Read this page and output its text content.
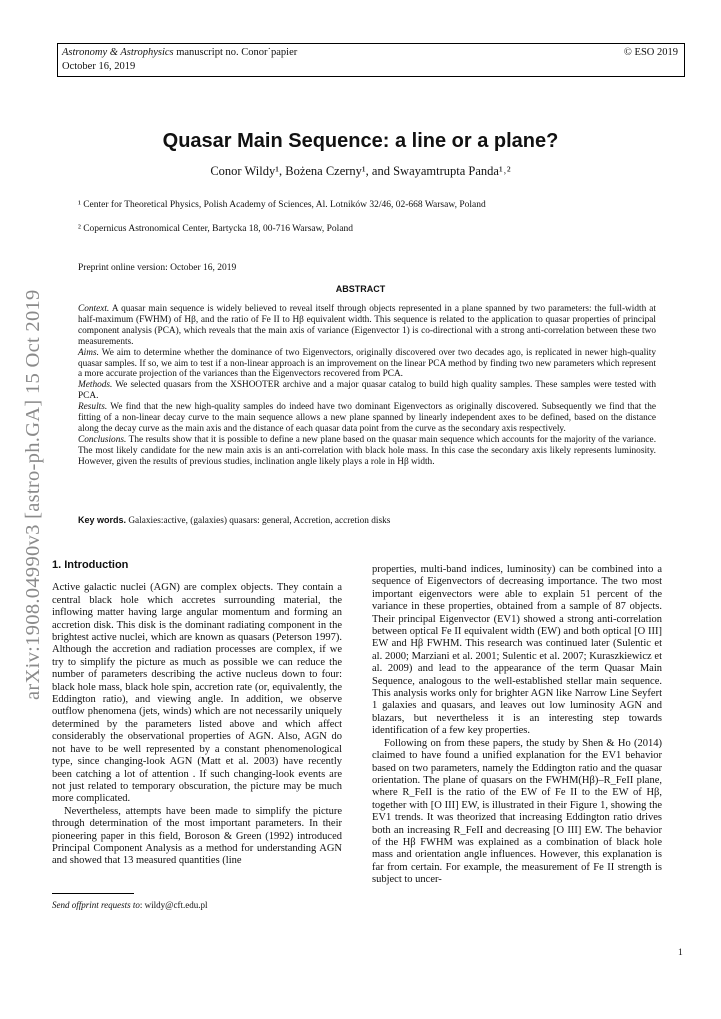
Astronomy & Astrophysics manuscript no. Conor˙papier
October 16, 2019
© ESO 2019
arXiv:1908.04990v3 [astro-ph.GA] 15 Oct 2019
Quasar Main Sequence: a line or a plane?
Conor Wildy¹, Bożena Czerny¹, and Swayamtrupta Panda¹˒²
¹ Center for Theoretical Physics, Polish Academy of Sciences, Al. Lotników 32/46, 02-668 Warsaw, Poland
² Copernicus Astronomical Center, Bartycka 18, 00-716 Warsaw, Poland
Preprint online version: October 16, 2019
ABSTRACT

Context. A quasar main sequence is widely believed to reveal itself through objects represented in a plane spanned by two parameters: the full-width at half-maximum (FWHM) of Hβ, and the ratio of Fe II to Hβ equivalent width. This sequence is related to the application to quasar properties of principal component analysis (PCA), which reveals that the main axis of variance (Eigenvector 1) is co-directional with a strong anti-correlation between these two measurements.

Aims. We aim to determine whether the dominance of two Eigenvectors, originally discovered over two decades ago, is replicated in newer high-quality quasar samples. If so, we aim to test if a non-linear approach is an improvement on the linear PCA method by finding two new parameters which represent a more accurate projection of the variances than the Eigenvectors recovered from PCA.

Methods. We selected quasars from the XSHOOTER archive and a major quasar catalog to build high quality samples. These samples were tested with PCA.

Results. We find that the new high-quality samples do indeed have two dominant Eigenvectors as originally discovered. Subsequently we find that the fitting of a non-linear decay curve to the main sequence allows a new plane spanned by linearly independent axes to be defined, based on the distance along the decay curve as the main axis and the distance of each quasar data point from the curve as the secondary axis respectively.

Conclusions. The results show that it is possible to define a new plane based on the quasar main sequence which accounts for the majority of the variance. The most likely candidate for the new main axis is an anti-correlation with black hole mass. In this case the secondary axis likely represents luminosity. However, given the results of previous studies, inclination angle likely plays a role in Hβ width.

Key words. Galaxies:active, (galaxies) quasars: general, Accretion, accretion disks
1. Introduction

Active galactic nuclei (AGN) are complex objects. They contain a central black hole which accretes surrounding material, the inflowing matter having large angular momentum and forming an accretion disk. This disk is the dominant radiating component in the brightest active nuclei, which are known as quasars (Peterson 1997). Although the accretion and radiation processes are complex, if we try to simplify the picture as much as possible we can reduce the number of parameters describing the active nucleus down to four: black hole mass, black hole spin, accretion rate (or, equivalently, the Eddington ratio), and viewing angle. In addition, we observe outflow phenomena (jets, winds) which are not necessarily uniquely determined by the parameters listed above and which affect considerably the observational properties of AGN. Also, AGN do not have to be well represented by a constant phenomenological type, since changing-look AGN (Matt et al. 2003) have recently been catching a lot of attention . If such changing-look events are not just related to temporary obscuration, the picture may be much more complicated.

Nevertheless, attempts have been made to simplify the picture through determination of the most important parameters. In their pioneering paper in this field, Boroson & Green (1992) introduced Principal Component Analysis as a method for understanding AGN and showed that 13 measured quantities (line

properties, multi-band indices, luminosity) can be combined into a sequence of Eigenvectors of decreasing importance. The two most important eigenvectors were able to explain 51 percent of the variance in these properties, obtained from a sample of 87 objects. Their principal Eigenvector (EV1) showed a strong anti-correlation between optical Fe II equivalent width (EW) and both optical [O III] EW and Hβ FWHM. This research was continued later (Sulentic et al. 2000; Marziani et al. 2001; Sulentic et al. 2007; Kuraszkiewicz et al. 2009) and lead to the appearance of the term Quasar Main Sequence, analogous to the well-established stellar main sequence. This analysis works only for brighter AGN like Narrow Line Seyfert 1 galaxies and quasars, and leaves out low luminosity AGN and blazars, but nevertheless it is an interesting step towards identification of a few key properties.

Following on from these papers, the study by Shen & Ho (2014) claimed to have found a unified explanation for the EV1 behavior based on two parameters, namely the Eddington ratio and the quasar orientation. The plane of quasars on the FWHM(Hβ)–R_FeII plane, where R_FeII is the ratio of the EW of Fe II to the EW of Hβ, together with [O III] EW, is illustrated in their Figure 1, showing the EV1 trends. It was theorized that increasing Eddington ratio drives both an increasing R_FeII and decreasing [O III] EW. The behavior of the Hβ FWHM was explained as a combination of black hole mass and orientation angle influences. However, this explanation is far from certain. For example, the measurement of Fe II strength is subject to uncer-

Send offprint requests to: wildy@cft.edu.pl
1
